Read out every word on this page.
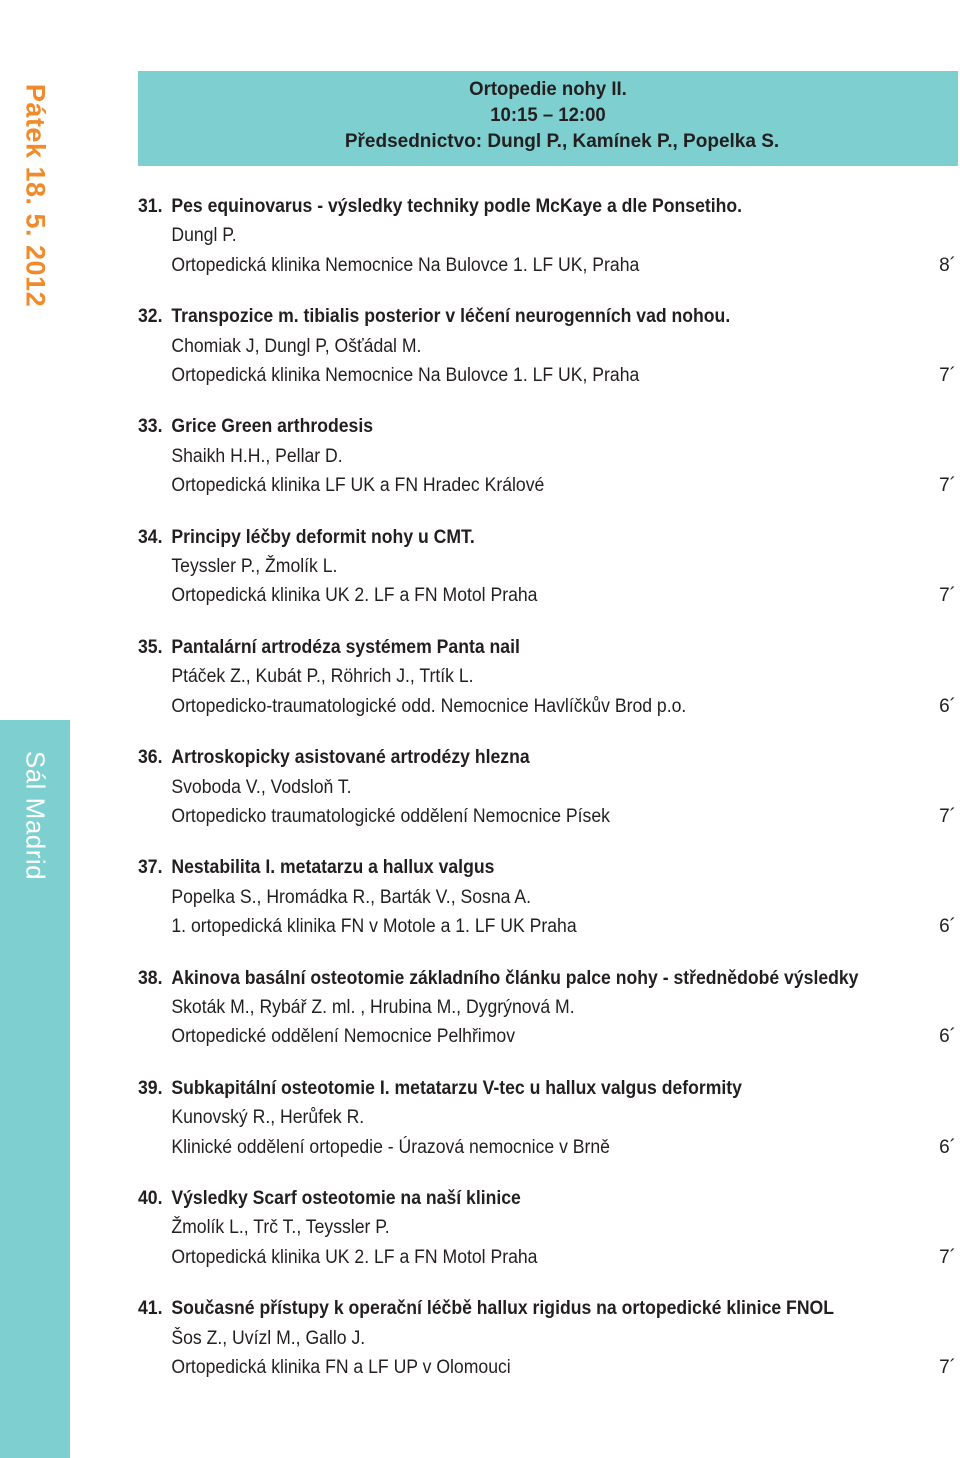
Pátek 18. 5. 2012
Sál Madrid
Ortopedie nohy II.
10:15 – 12:00
Předsednictvo: Dungl P., Kamínek P., Popelka S.
31. Pes equinovarus - výsledky techniky podle McKaye a dle Ponsetiho.
Dungl P.
Ortopedická klinika Nemocnice Na Bulovce 1. LF UK, Praha	8´
32. Transpozice m. tibialis posterior v léčení neurogenních vad nohou.
Chomiak J, Dungl P, Ošťádal M.
Ortopedická klinika Nemocnice Na Bulovce 1. LF UK, Praha	7´
33. Grice Green arthrodesis
Shaikh H.H., Pellar D.
Ortopedická klinika LF UK a FN Hradec Králové	7´
34. Principy léčby deformit nohy u CMT.
Teyssler P., Žmolík L.
Ortopedická klinika UK 2. LF a FN Motol Praha	7´
35. Pantalární artrodéza systémem Panta nail
Ptáček Z., Kubát P., Röhrich J., Trtík L.
Ortopedicko-traumatologické odd. Nemocnice Havlíčkův Brod p.o.	6´
36. Artroskopicky asistované artrodézy hlezna
Svoboda V., Vodsloň T.
Ortopedicko traumatologické oddělení Nemocnice Písek	7´
37. Nestabilita I. metatarzu a hallux valgus
Popelka S., Hromádka R., Barták V., Sosna A.
1. ortopedická klinika FN v Motole a 1. LF UK Praha	6´
38. Akinova basální osteotomie základního článku palce nohy - střednědobé výsledky
Skoták M., Rybář Z. ml. , Hrubina M., Dygrýnová M.
Ortopedické oddělení Nemocnice Pelhřimov	6´
39. Subkapitální osteotomie I. metatarzu V-tec u hallux valgus deformity
Kunovský R., Herůfek R.
Klinické oddělení ortopedie - Úrazová nemocnice v Brně	6´
40. Výsledky Scarf osteotomie na naší klinice
Žmolík L., Trč T., Teyssler P.
Ortopedická klinika UK 2. LF a FN Motol Praha	7´
41. Současné přístupy k operační léčbě hallux rigidus na ortopedické klinice FNOL
Šos Z., Uvízl M., Gallo J.
Ortopedická klinika FN a LF UP v Olomouci	7´
